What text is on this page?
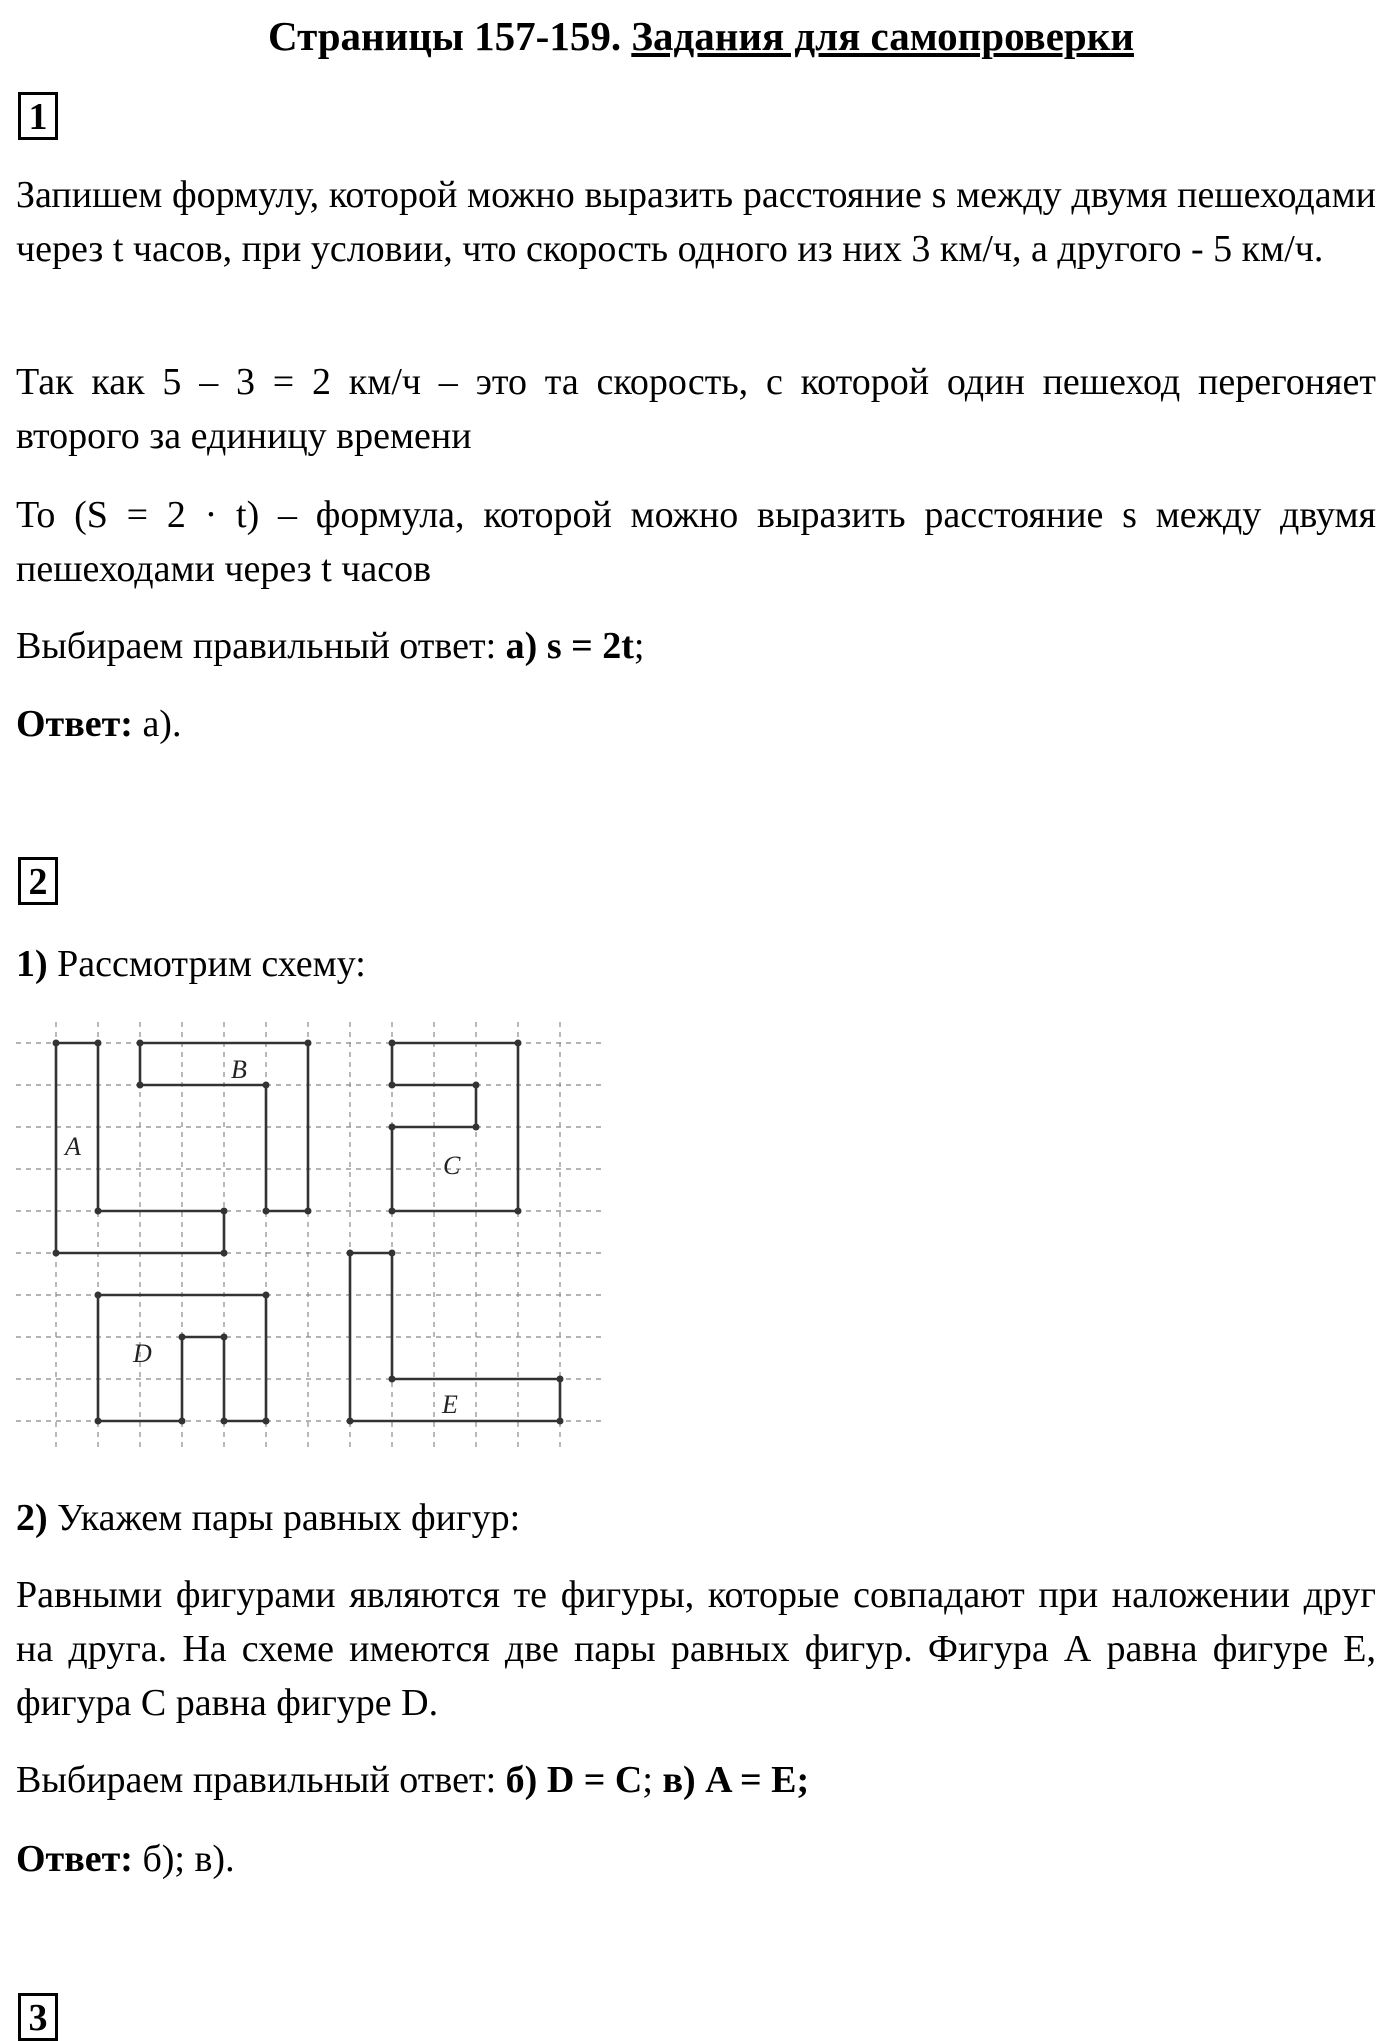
Страницы 157-159. Задания для самопроверки
1
Запишем формулу, которой можно выразить расстояние s между двумя пешеходами через t часов, при условии, что скорость одного из них 3 км/ч, а другого - 5 км/ч.
Так как 5 – 3 = 2 км/ч – это та скорость, с которой один пешеход перегоняет второго за единицу времени
То (S = 2 · t) – формула, которой можно выразить расстояние s между двумя пешеходами через t часов
Выбираем правильный ответ: а) s = 2t;
Ответ: а).
2
1) Рассмотрим схему:
A
B
C
D
E
2) Укажем пары равных фигур:
Равными фигурами являются те фигуры, которые совпадают при наложении друг на друга. На схеме имеются две пары равных фигур. Фигура А равна фигуре Е, фигура С равна фигуре D.
Выбираем правильный ответ: б) D = C; в) A = E;
Ответ: б); в).
3
